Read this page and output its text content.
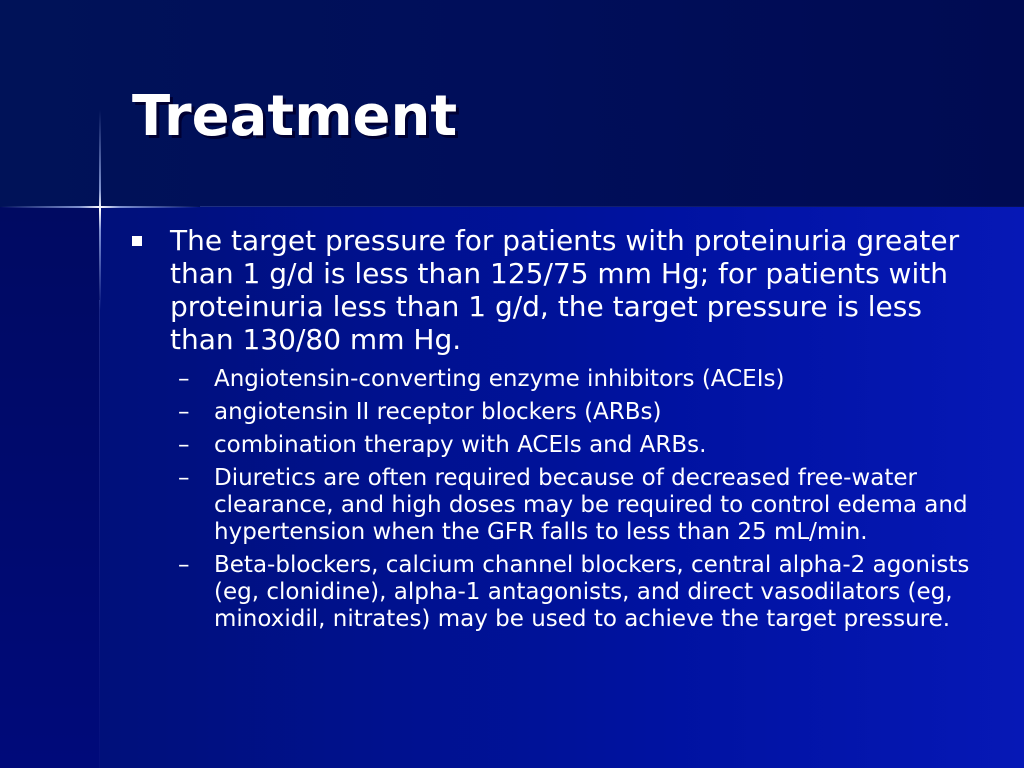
Treatment
The target pressure for patients with proteinuria greater than 1 g/d is less than 125/75 mm Hg; for patients with proteinuria less than 1 g/d, the target pressure is less than 130/80 mm Hg.
– Angiotensin-converting enzyme inhibitors (ACEIs)
– angiotensin II receptor blockers (ARBs)
– combination therapy with ACEIs and ARBs.
– Diuretics are often required because of decreased free-water clearance, and high doses may be required to control edema and hypertension when the GFR falls to less than 25 mL/min.
– Beta-blockers, calcium channel blockers, central alpha-2 agonists (eg, clonidine), alpha-1 antagonists, and direct vasodilators (eg, minoxidil, nitrates) may be used to achieve the target pressure.
